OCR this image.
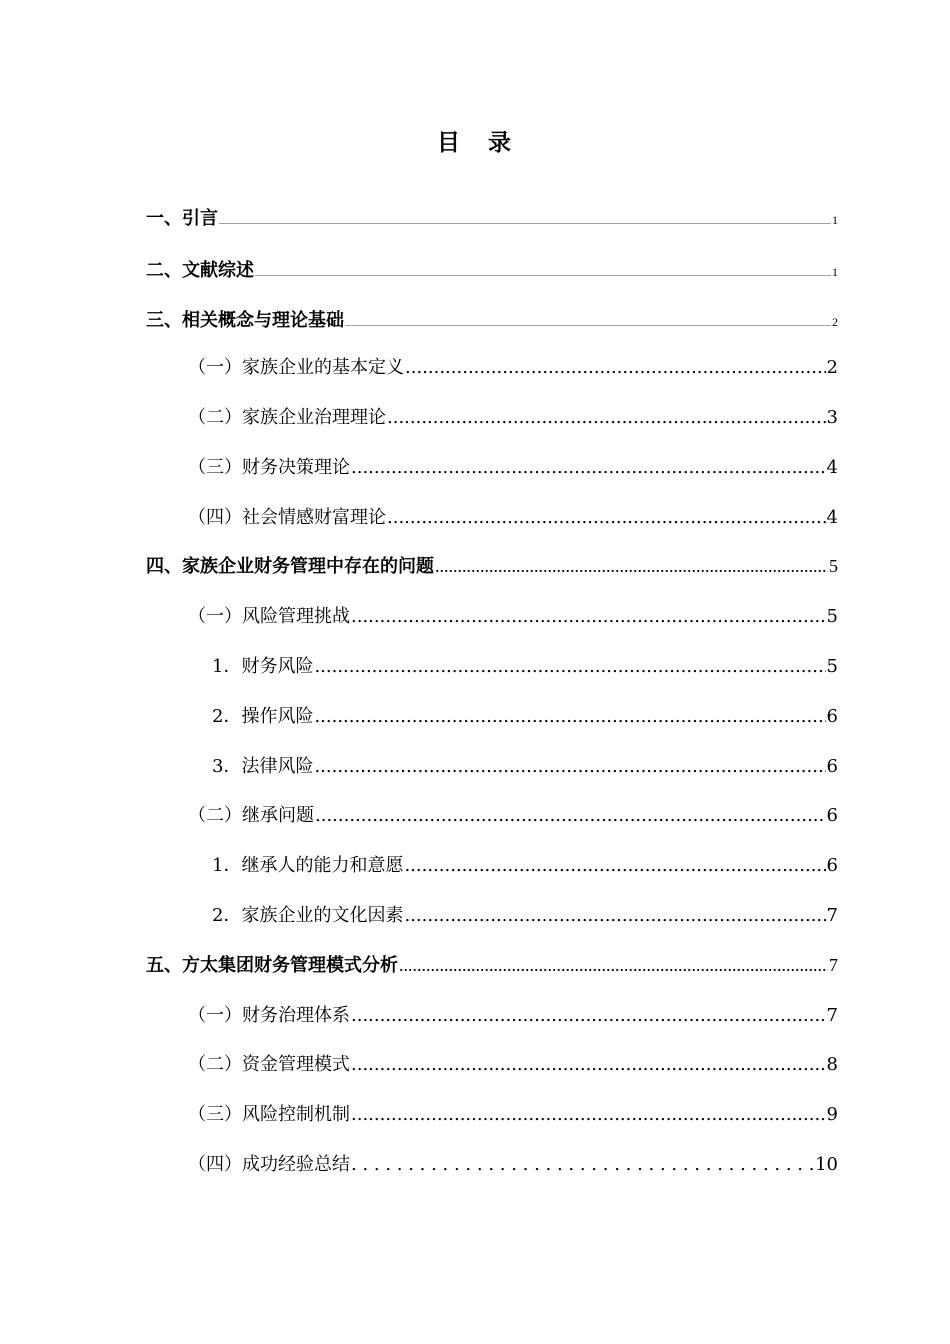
目 录
一、引言 .....	1
二、文献综述 .....	1
三、相关概念与理论基础 .....	2
（一）家族企业的基本定义 .....	2
（二）家族企业治理理论 .....	3
（三）财务决策理论 .....	4
（四）社会情感财富理论 .....	4
四、家族企业财务管理中存在的问题 .....	5
（一）风险管理挑战 .....	5
1．财务风险 .....	5
2．操作风险 .....	6
3．法律风险 .....	6
（二）继承问题 .....	6
1．继承人的能力和意愿 .....	6
2．家族企业的文化因素 .....	7
五、方太集团财务管理模式分析 .....	7
（一）财务治理体系 .....	7
（二）资金管理模式 .....	8
（三）风险控制机制 .....	9
（四）成功经验总结 . . .	10
